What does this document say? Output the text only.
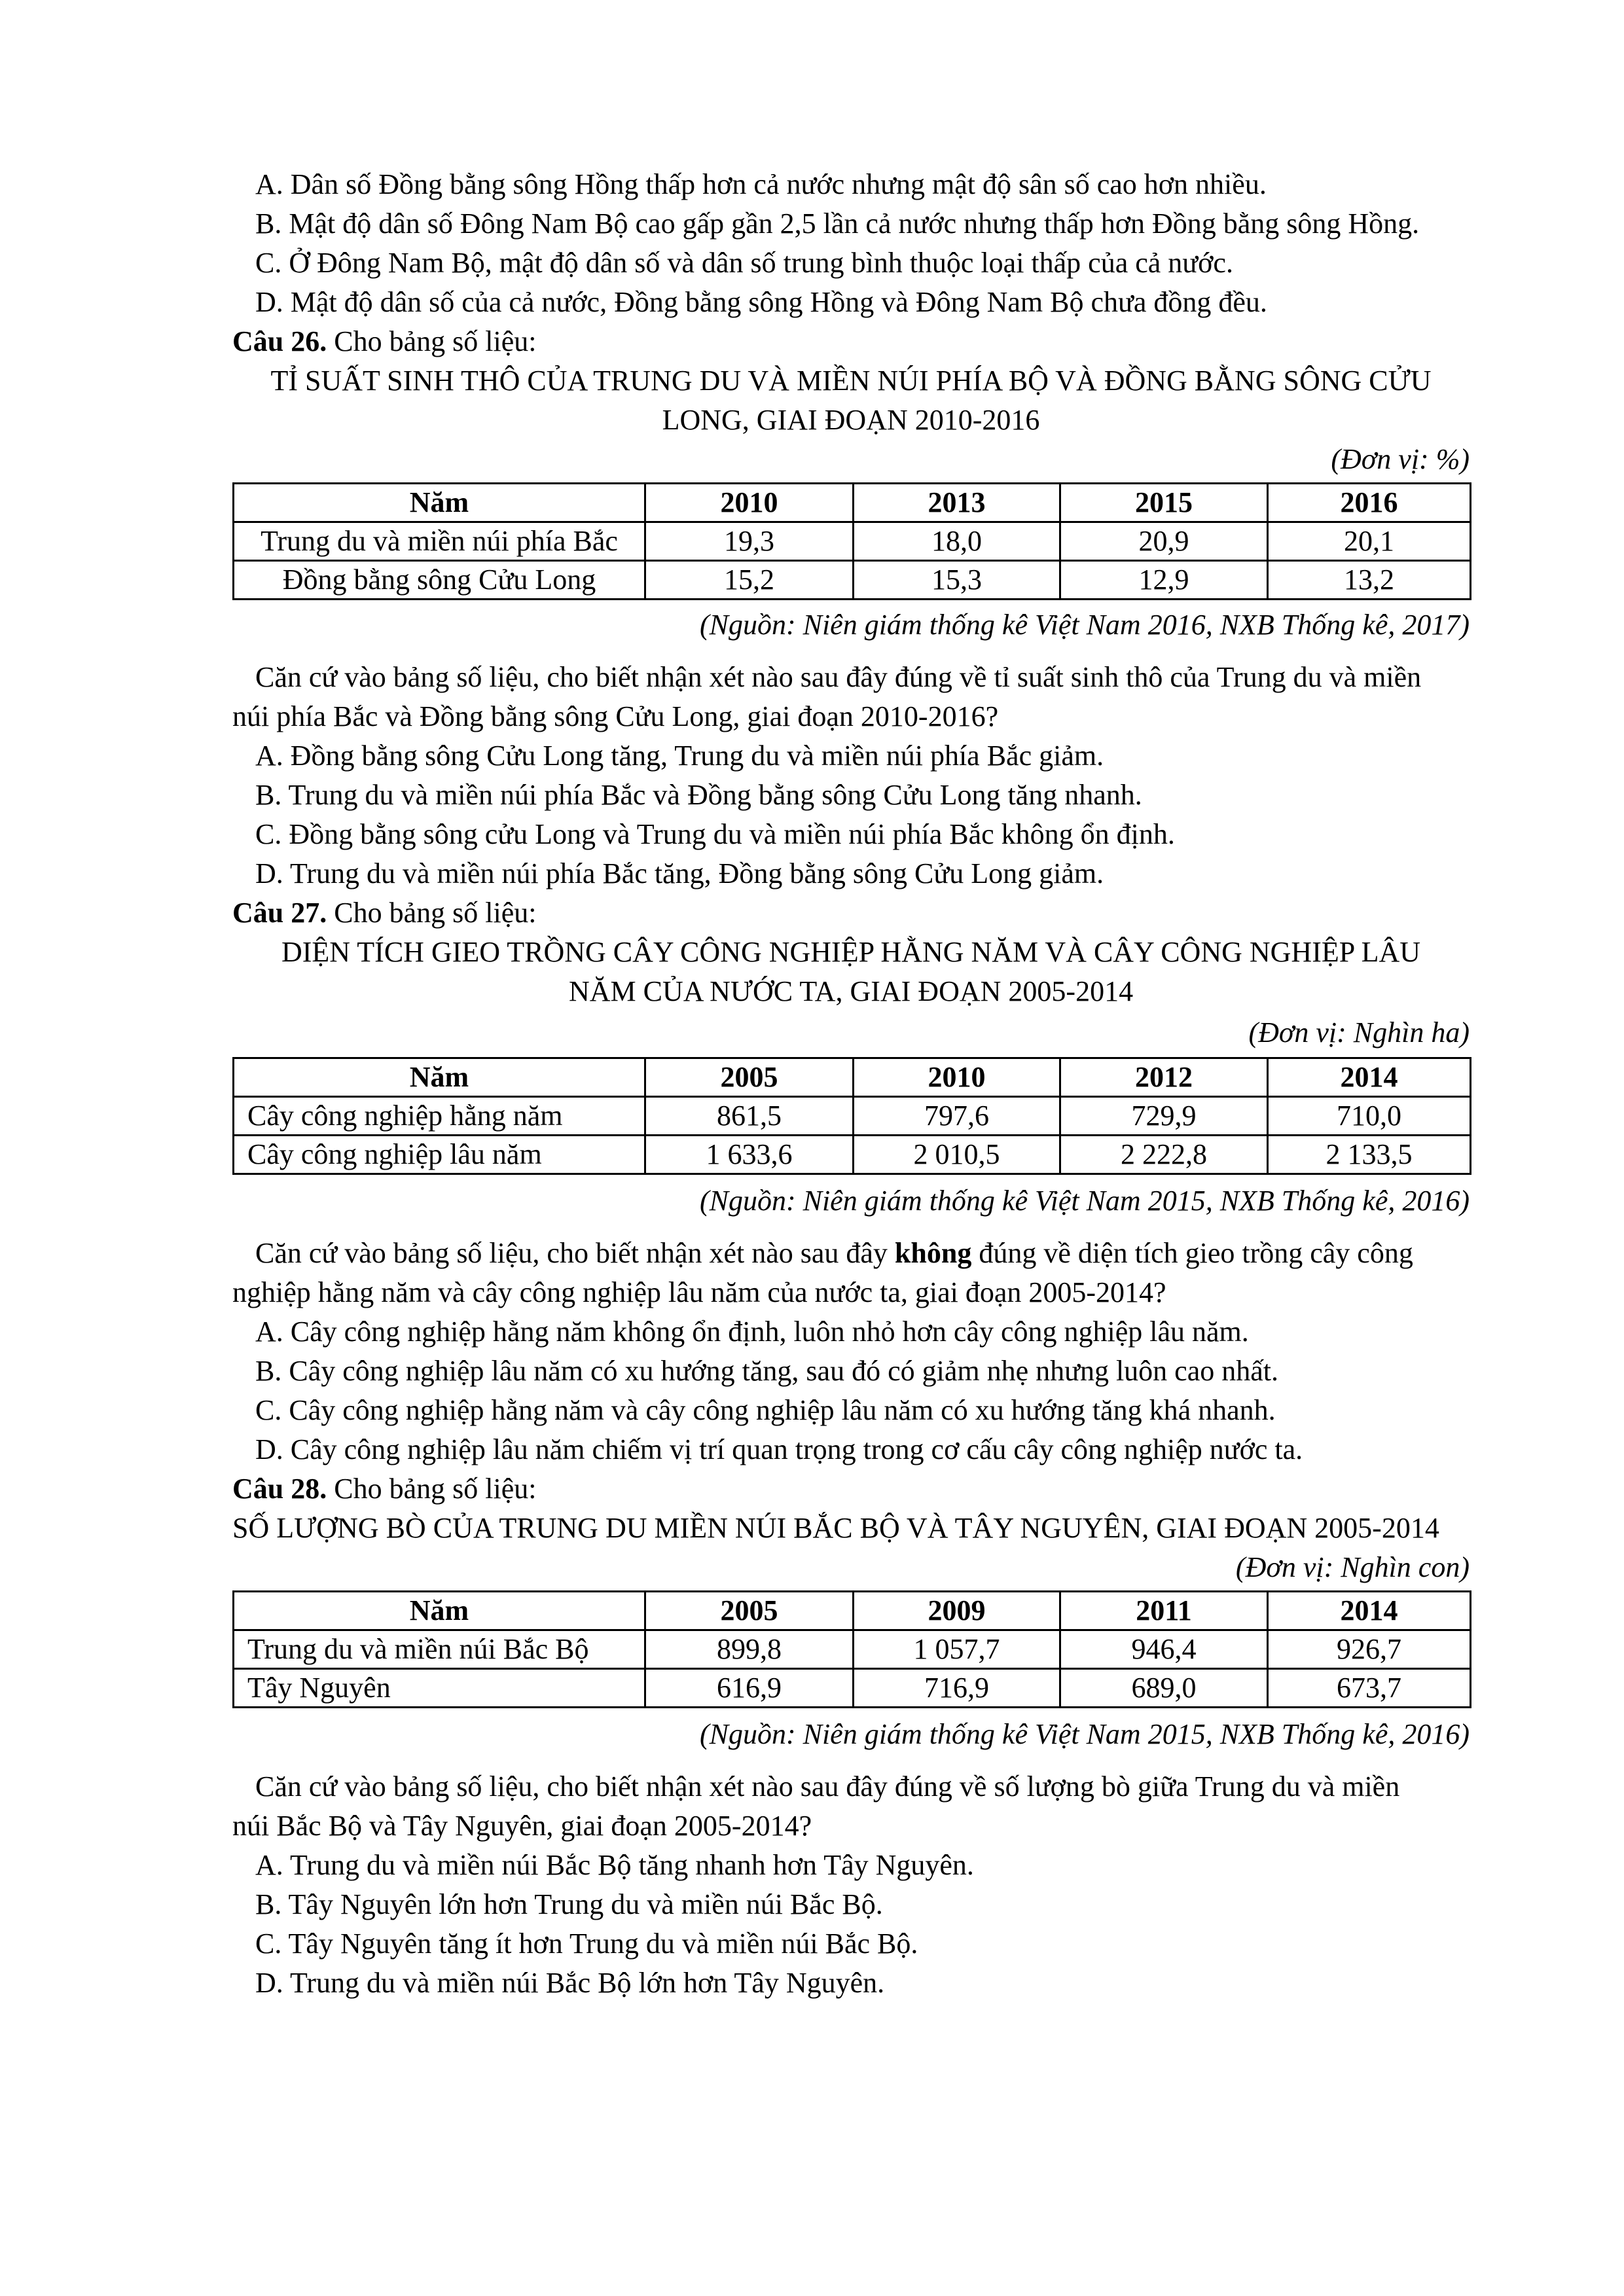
A. Dân số Đồng bằng sông Hồng thấp hơn cả nước nhưng mật độ sân số cao hơn nhiều.
B. Mật độ dân số Đông Nam Bộ cao gấp gần 2,5 lần cả nước nhưng thấp hơn Đồng bằng sông Hồng.
C. Ở Đông Nam Bộ, mật độ dân số và dân số trung bình thuộc loại thấp của cả nước.
D. Mật độ dân số của cả nước, Đồng bằng sông Hồng và Đông Nam Bộ chưa đồng đều.
Câu 26. Cho bảng số liệu:
TỈ SUẤT SINH THÔ CỦA TRUNG DU VÀ MIỀN NÚI PHÍA BỘ VÀ ĐỒNG BẰNG SÔNG CỬU
LONG, GIAI ĐOẠN 2010-2016
(Đơn vị: %)
Năm	2010	2013	2015	2016
Trung du và miền núi phía Bắc	19,3	18,0	20,9	20,1
Đồng bằng sông Cửu Long	15,2	15,3	12,9	13,2
(Nguồn: Niên giám thống kê Việt Nam 2016, NXB Thống kê, 2017)
Căn cứ vào bảng số liệu, cho biết nhận xét nào sau đây đúng về tỉ suất sinh thô của Trung du và miền
núi phía Bắc và Đồng bằng sông Cửu Long, giai đoạn 2010-2016?
A. Đồng bằng sông Cửu Long tăng, Trung du và miền núi phía Bắc giảm.
B. Trung du và miền núi phía Bắc và Đồng bằng sông Cửu Long tăng nhanh.
C. Đồng bằng sông cửu Long và Trung du và miền núi phía Bắc không ổn định.
D. Trung du và miền núi phía Bắc tăng, Đồng bằng sông Cửu Long giảm.
Câu 27. Cho bảng số liệu:
DIỆN TÍCH GIEO TRỒNG CÂY CÔNG NGHIỆP HẰNG NĂM VÀ CÂY CÔNG NGHIỆP LÂU
NĂM CỦA NƯỚC TA, GIAI ĐOẠN 2005-2014
(Đơn vị: Nghìn ha)
Năm	2005	2010	2012	2014
Cây công nghiệp hằng năm	861,5	797,6	729,9	710,0
Cây công nghiệp lâu năm	1 633,6	2 010,5	2 222,8	2 133,5
(Nguồn: Niên giám thống kê Việt Nam 2015, NXB Thống kê, 2016)
Căn cứ vào bảng số liệu, cho biết nhận xét nào sau đây không đúng về diện tích gieo trồng cây công
nghiệp hằng năm và cây công nghiệp lâu năm của nước ta, giai đoạn 2005-2014?
A. Cây công nghiệp hằng năm không ổn định, luôn nhỏ hơn cây công nghiệp lâu năm.
B. Cây công nghiệp lâu năm có xu hướng tăng, sau đó có giảm nhẹ nhưng luôn cao nhất.
C. Cây công nghiệp hằng năm và cây công nghiệp lâu năm có xu hướng tăng khá nhanh.
D. Cây công nghiệp lâu năm chiếm vị trí quan trọng trong cơ cấu cây công nghiệp nước ta.
Câu 28. Cho bảng số liệu:
SỐ LƯỢNG BÒ CỦA TRUNG DU MIỀN NÚI BẮC BỘ VÀ TÂY NGUYÊN, GIAI ĐOẠN 2005-2014
(Đơn vị: Nghìn con)
Năm	2005	2009	2011	2014
Trung du và miền núi Bắc Bộ	899,8	1 057,7	946,4	926,7
Tây Nguyên	616,9	716,9	689,0	673,7
(Nguồn: Niên giám thống kê Việt Nam 2015, NXB Thống kê, 2016)
Căn cứ vào bảng số liệu, cho biết nhận xét nào sau đây đúng về số lượng bò giữa Trung du và miền
núi Bắc Bộ và Tây Nguyên, giai đoạn 2005-2014?
A. Trung du và miền núi Bắc Bộ tăng nhanh hơn Tây Nguyên.
B. Tây Nguyên lớn hơn Trung du và miền núi Bắc Bộ.
C. Tây Nguyên tăng ít hơn Trung du và miền núi Bắc Bộ.
D. Trung du và miền núi Bắc Bộ lớn hơn Tây Nguyên.
